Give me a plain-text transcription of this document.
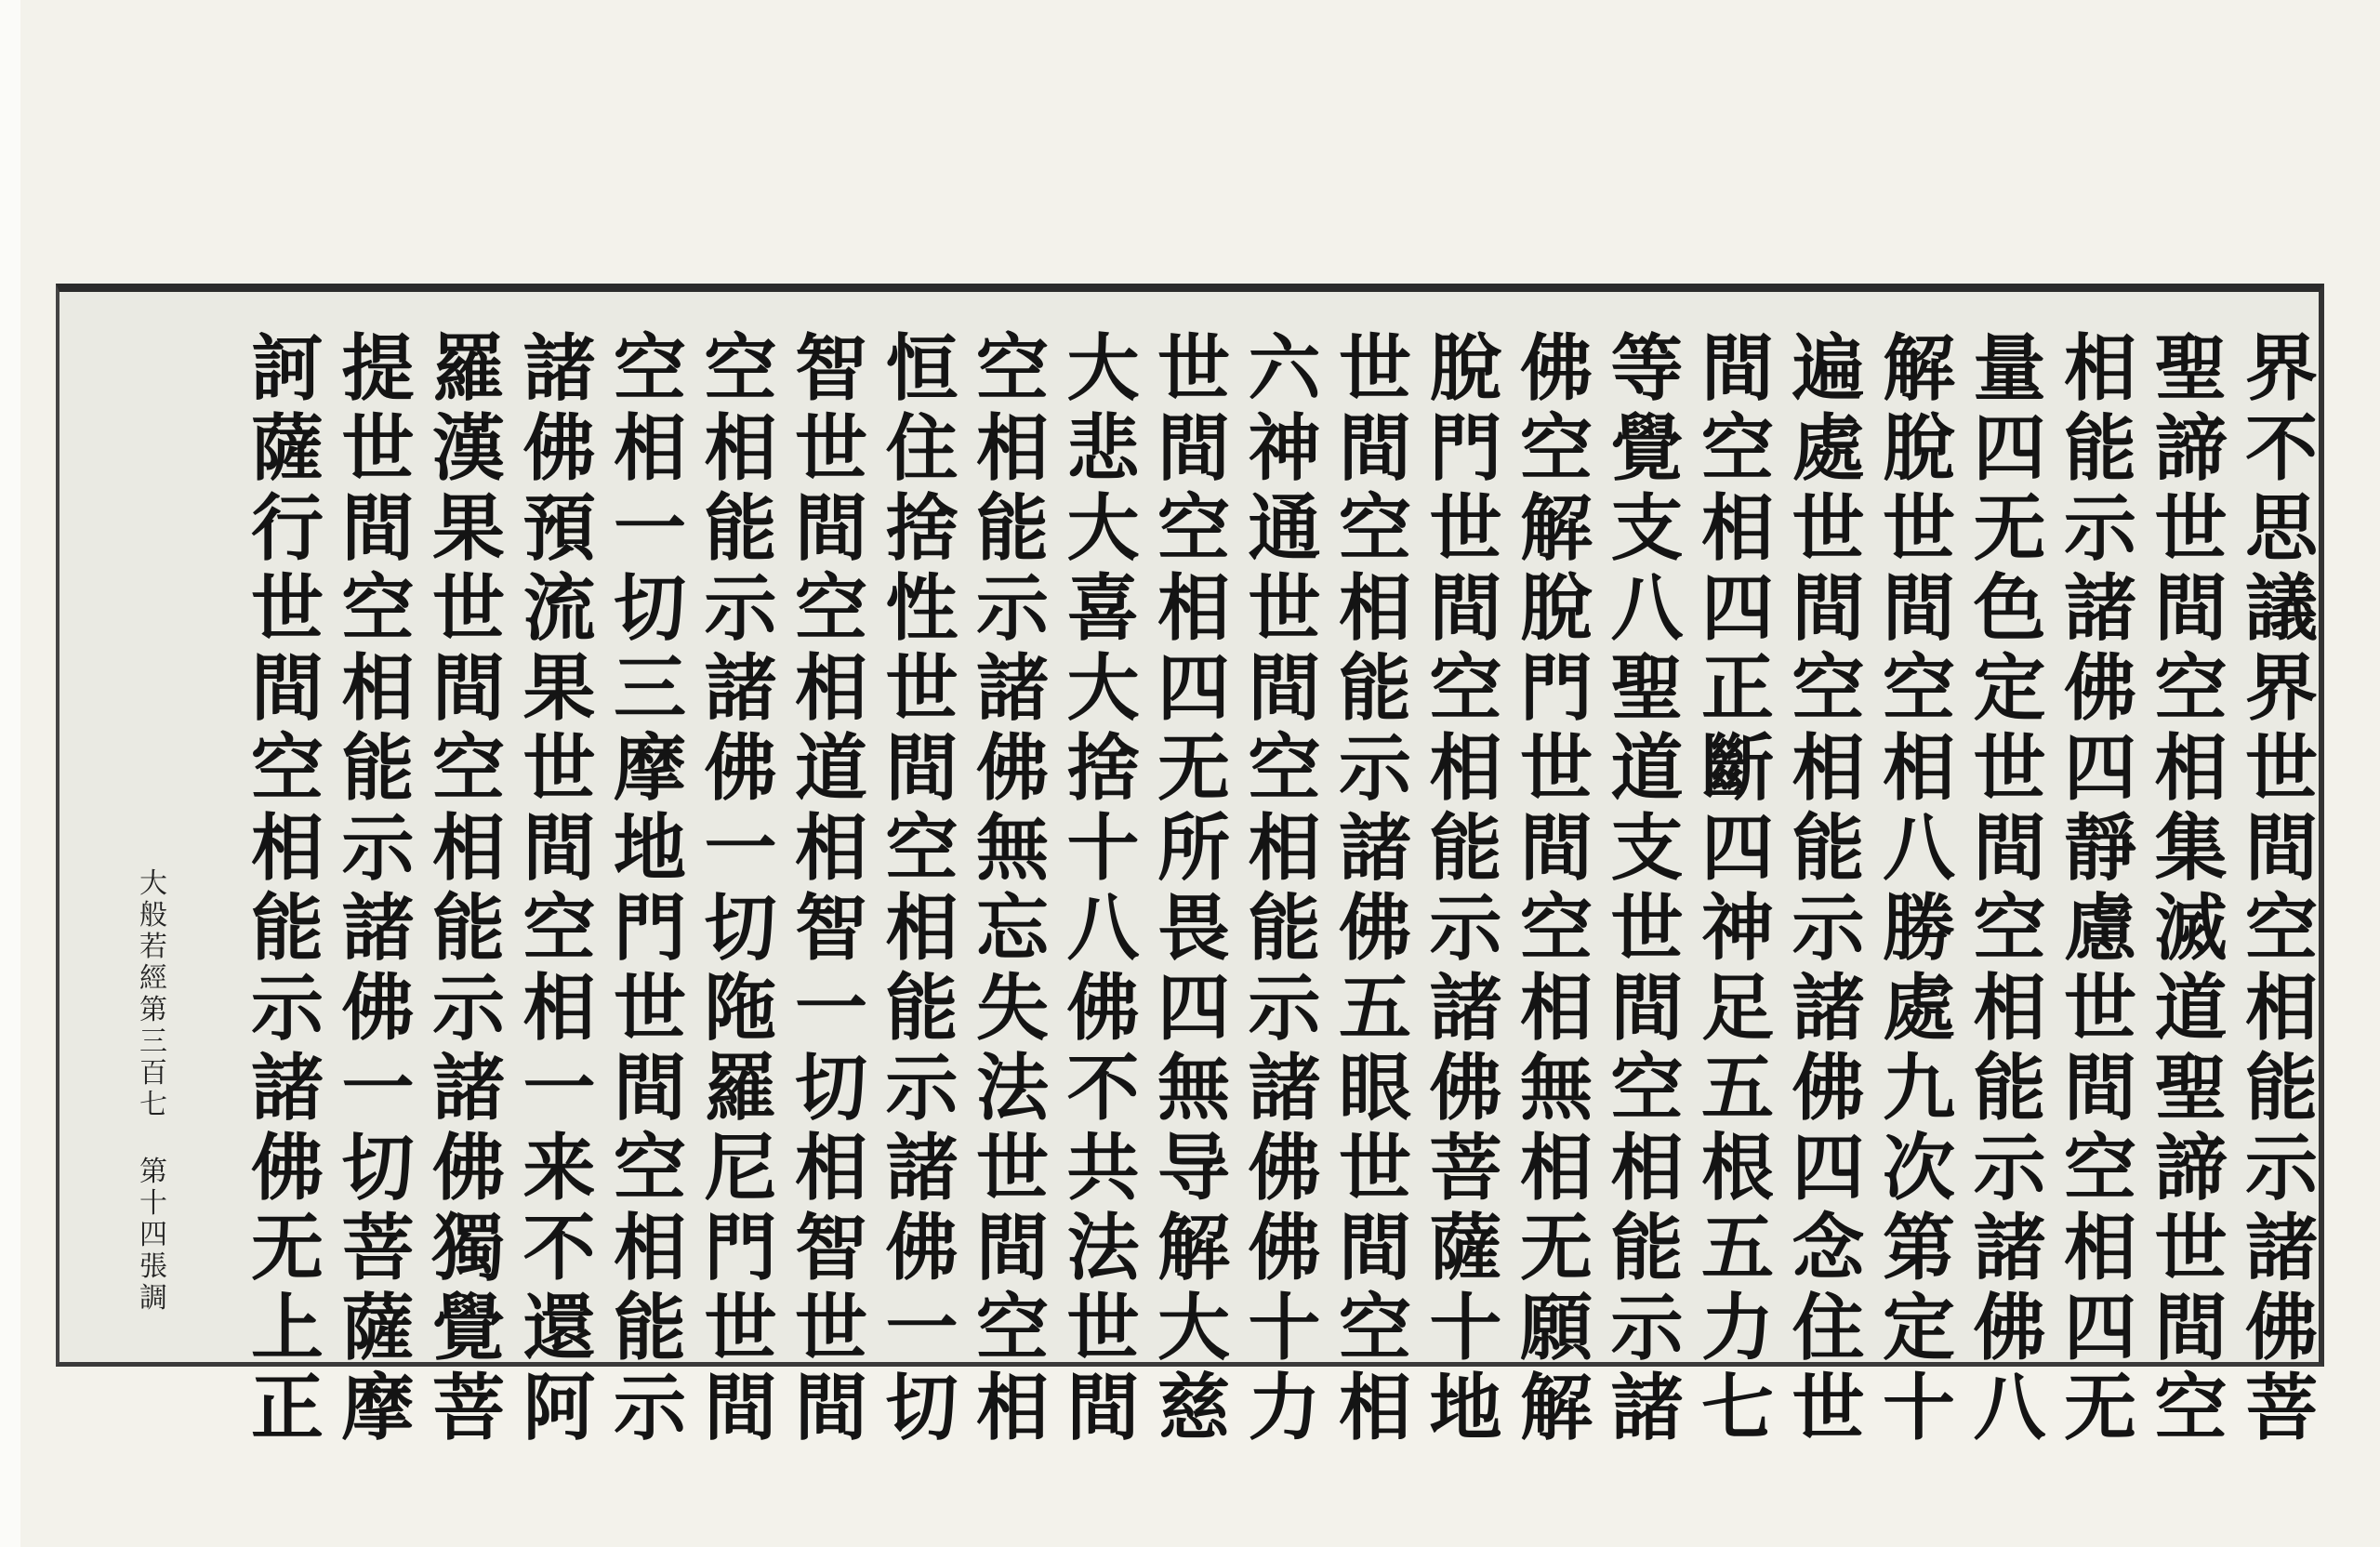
界
不
思
議
界
世
間
空
相
能
示
諸
佛
菩
聖
諦
世
間
空
相
集
滅
道
聖
諦
世
間
空
相
能
示
諸
佛
四
靜
慮
世
間
空
相
四
无
量
四
无
色
定
世
間
空
相
能
示
諸
佛
八
解
脫
世
間
空
相
八
勝
處
九
次
第
定
十
遍
處
世
間
空
相
能
示
諸
佛
四
念
住
世
間
空
相
四
正
斷
四
神
足
五
根
五
力
七
等
覺
支
八
聖
道
支
世
間
空
相
能
示
諸
佛
空
解
脫
門
世
間
空
相
無
相
无
願
解
脫
門
世
間
空
相
能
示
諸
佛
菩
薩
十
地
世
間
空
相
能
示
諸
佛
五
眼
世
間
空
相
六
神
通
世
間
空
相
能
示
諸
佛
佛
十
力
世
間
空
相
四
无
所
畏
四
無
导
解
大
慈
大
悲
大
喜
大
捨
十
八
佛
不
共
法
世
間
空
相
能
示
諸
佛
無
忘
失
法
世
間
空
相
恒
住
捨
性
世
間
空
相
能
示
諸
佛
一
切
智
世
間
空
相
道
相
智
一
切
相
智
世
間
空
相
能
示
諸
佛
一
切
陁
羅
尼
門
世
間
空
相
一
切
三
摩
地
門
世
間
空
相
能
示
諸
佛
預
流
果
世
間
空
相
一
来
不
還
阿
羅
漢
果
世
間
空
相
能
示
諸
佛
獨
覺
菩
提
世
間
空
相
能
示
諸
佛
一
切
菩
薩
摩
訶
薩
行
世
間
空
相
能
示
諸
佛
无
上
正
大
般
若
經
第
三
百
七
第
十
四
張
調
